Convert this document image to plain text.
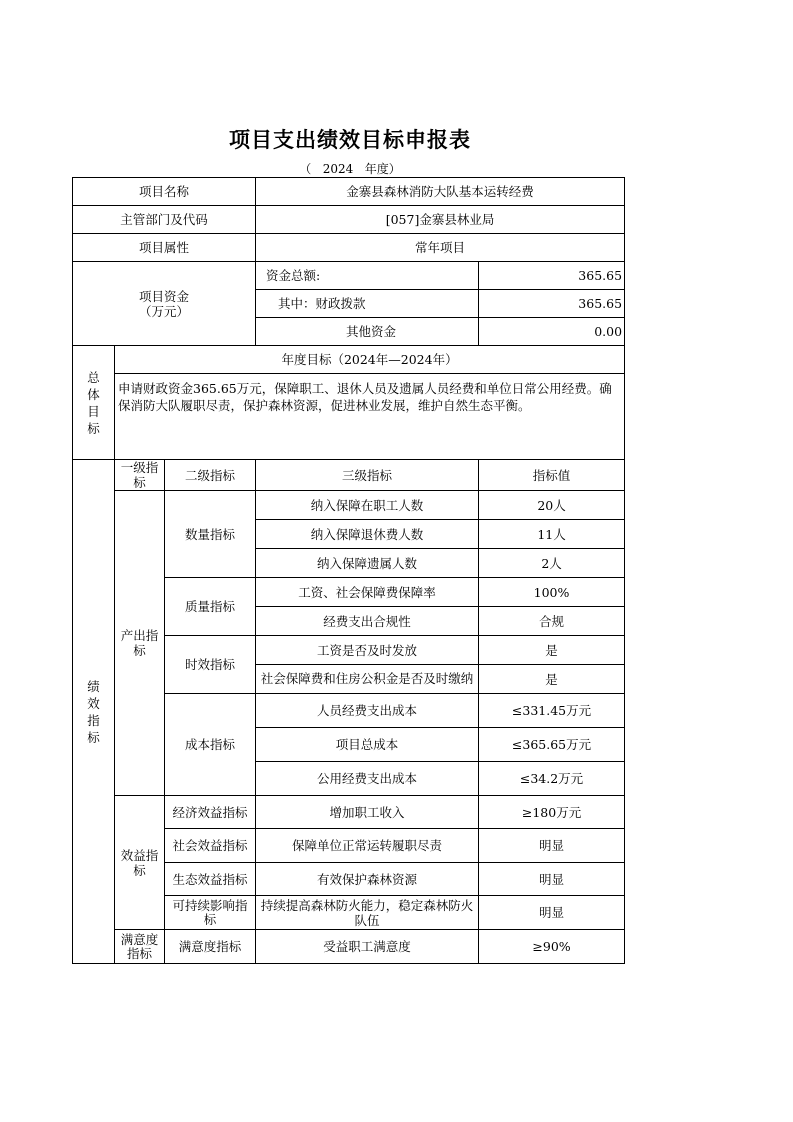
项目支出绩效目标申报表
（   2024   年度）
项目名称			金寨县森林消防大队基本运转经费	
主管部门及代码			[057]金寨县林业局	
项目属性			常年项目	
项目资金
（万元）			资金总额:	365.65
			其中：财政拨款	365.65
			其他资金	0.00

总体目标	年度目标（2024年—2024年）			
	申请财政资金365.65万元，保障职工、退休人员及遗属人员经费和单位日常公用经费。确保消防大队履职尽责，保护森林资源，促进林业发展，维护自然生态平衡。			

绩效指标	一级指标	二级指标	三级指标	指标值
	产出指标	数量指标	纳入保障在职工人数	20人
			纳入保障退休费人数	11人
			纳入保障遗属人数	2人
		质量指标	工资、社会保障费保障率	100%
			经费支出合规性	合规
		时效指标	工资是否及时发放	是
			社会保障费和住房公积金是否及时缴纳	是
		成本指标	人员经费支出成本	≤331.45万元
			项目总成本	≤365.65万元
			公用经费支出成本	≤34.2万元
	效益指标	经济效益指标	增加职工收入	≥180万元
		社会效益指标	保障单位正常运转履职尽责	明显
		生态效益指标	有效保护森林资源	明显
		可持续影响指标	持续提高森林防火能力，稳定森林防火队伍	明显
	满意度指标	满意度指标	受益职工满意度	≥90%
